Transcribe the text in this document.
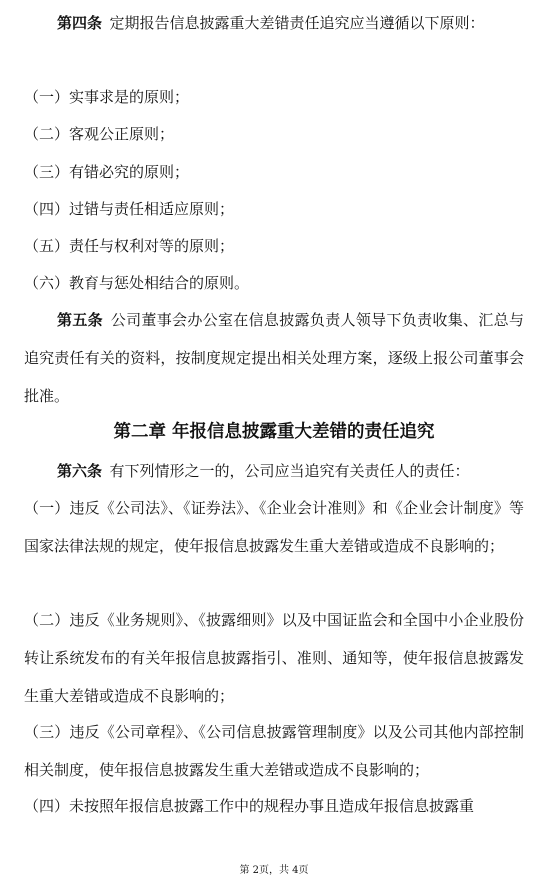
第四条  定期报告信息披露重大差错责任追究应当遵循以下原则：

（一）实事求是的原则；

（二）客观公正原则；

（三）有错必究的原则；

（四）过错与责任相适应原则；

（五）责任与权利对等的原则；

（六）教育与惩处相结合的原则。

第五条  公司董事会办公室在信息披露负责人领导下负责收集、汇总与追究责任有关的资料，按制度规定提出相关处理方案，逐级上报公司董事会批准。

第二章 年报信息披露重大差错的责任追究

第六条  有下列情形之一的，公司应当追究有关责任人的责任：

（一）违反《公司法》、《证券法》、《企业会计准则》和《企业会计制度》等国家法律法规的规定，使年报信息披露发生重大差错或造成不良影响的；

（二）违反《业务规则》、《披露细则》以及中国证监会和全国中小企业股份转让系统发布的有关年报信息披露指引、准则、通知等，使年报信息披露发生重大差错或造成不良影响的；

（三）违反《公司章程》、《公司信息披露管理制度》以及公司其他内部控制相关制度，使年报信息披露发生重大差错或造成不良影响的；

（四）未按照年报信息披露工作中的规程办事且造成年报信息披露重

第 2页，共 4页
